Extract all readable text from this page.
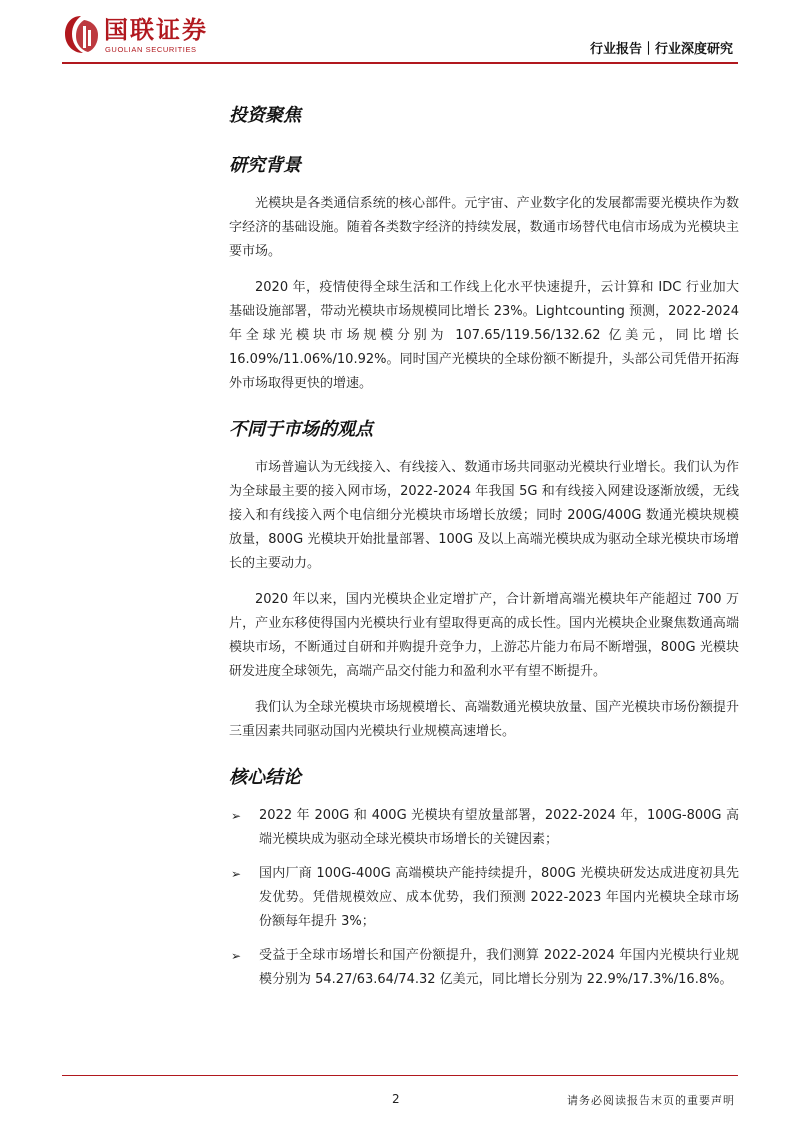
国联证券
GUOLIAN SECURITIES	行业报告｜行业深度研究
投资聚焦
研究背景

光模块是各类通信系统的核心部件。元宇宙、产业数字化的发展都需要光模块作为数字经济的基础设施。随着各类数字经济的持续发展，数通市场替代电信市场成为光模块主要市场。

2020 年，疫情使得全球生活和工作线上化水平快速提升，云计算和 IDC 行业加大基础设施部署，带动光模块市场规模同比增长 23%。Lightcounting 预测，2022-2024 年全球光模块市场规模分别为 107.65/119.56/132.62 亿美元，同比增长 16.09%/11.06%/10.92%。同时国产光模块的全球份额不断提升，头部公司凭借开拓海外市场取得更快的增速。

不同于市场的观点

市场普遍认为无线接入、有线接入、数通市场共同驱动光模块行业增长。我们认为作为全球最主要的接入网市场，2022-2024 年我国 5G 和有线接入网建设逐渐放缓，无线接入和有线接入两个电信细分光模块市场增长放缓；同时 200G/400G 数通光模块规模放量，800G 光模块开始批量部署、100G 及以上高端光模块成为驱动全球光模块市场增长的主要动力。

2020 年以来，国内光模块企业定增扩产，合计新增高端光模块年产能超过 700 万片，产业东移使得国内光模块行业有望取得更高的成长性。国内光模块企业聚焦数通高端模块市场，不断通过自研和并购提升竞争力，上游芯片能力布局不断增强，800G 光模块研发进度全球领先，高端产品交付能力和盈利水平有望不断提升。

我们认为全球光模块市场规模增长、高端数通光模块放量、国产光模块市场份额提升三重因素共同驱动国内光模块行业规模高速增长。

核心结论
➢ 2022 年 200G 和 400G 光模块有望放量部署，2022-2024 年，100G-800G 高端光模块成为驱动全球光模块市场增长的关键因素；
➢ 国内厂商 100G-400G 高端模块产能持续提升，800G 光模块研发达成进度初具先发优势。凭借规模效应、成本优势，我们预测 2022-2023 年国内光模块全球市场份额每年提升 3%；
➢ 受益于全球市场增长和国产份额提升，我们测算 2022-2024 年国内光模块行业规模分别为 54.27/63.64/74.32 亿美元，同比增长分别为 22.9%/17.3%/16.8%。
2	请务必阅读报告末页的重要声明
